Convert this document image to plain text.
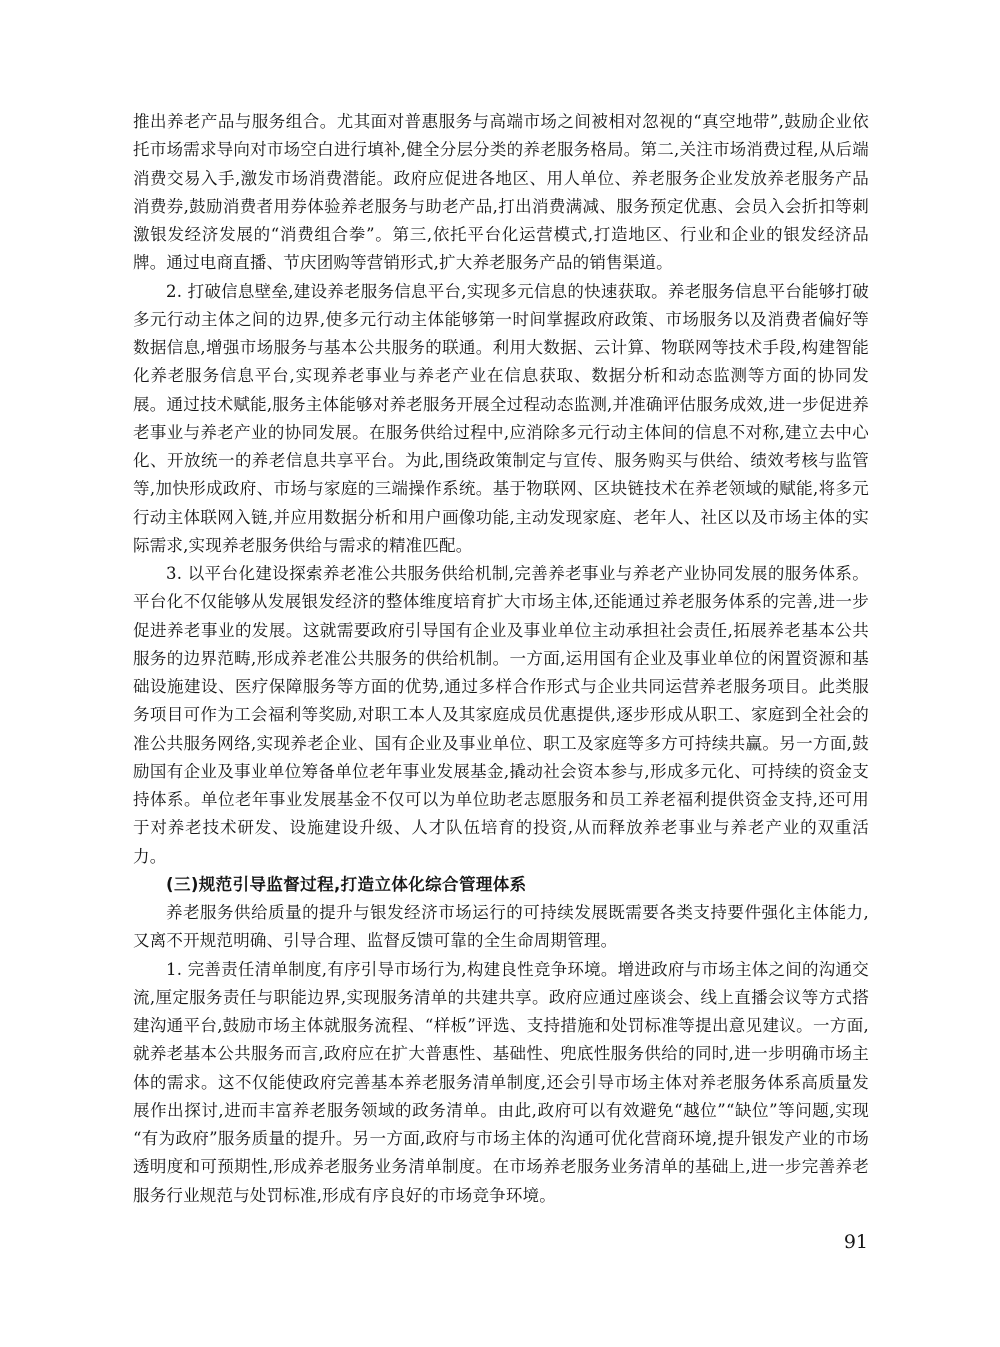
推出养老产品与服务组合。尤其面对普惠服务与高端市场之间被相对忽视的“真空地带”,鼓励企业依托市场需求导向对市场空白进行填补,健全分层分类的养老服务格局。第二,关注市场消费过程,从后端消费交易入手,激发市场消费潜能。政府应促进各地区、用人单位、养老服务企业发放养老服务产品消费券,鼓励消费者用券体验养老服务与助老产品,打出消费满减、服务预定优惠、会员入会折扣等刺激银发经济发展的“消费组合拳”。第三,依托平台化运营模式,打造地区、行业和企业的银发经济品牌。通过电商直播、节庆团购等营销形式,扩大养老服务产品的销售渠道。

2. 打破信息壁垒,建设养老服务信息平台,实现多元信息的快速获取。养老服务信息平台能够打破多元行动主体之间的边界,使多元行动主体能够第一时间掌握政府政策、市场服务以及消费者偏好等数据信息,增强市场服务与基本公共服务的联通。利用大数据、云计算、物联网等技术手段,构建智能化养老服务信息平台,实现养老事业与养老产业在信息获取、数据分析和动态监测等方面的协同发展。通过技术赋能,服务主体能够对养老服务开展全过程动态监测,并准确评估服务成效,进一步促进养老事业与养老产业的协同发展。在服务供给过程中,应消除多元行动主体间的信息不对称,建立去中心化、开放统一的养老信息共享平台。为此,围绕政策制定与宣传、服务购买与供给、绩效考核与监管等,加快形成政府、市场与家庭的三端操作系统。基于物联网、区块链技术在养老领域的赋能,将多元行动主体联网入链,并应用数据分析和用户画像功能,主动发现家庭、老年人、社区以及市场主体的实际需求,实现养老服务供给与需求的精准匹配。

3. 以平台化建设探索养老准公共服务供给机制,完善养老事业与养老产业协同发展的服务体系。平台化不仅能够从发展银发经济的整体维度培育扩大市场主体,还能通过养老服务体系的完善,进一步促进养老事业的发展。这就需要政府引导国有企业及事业单位主动承担社会责任,拓展养老基本公共服务的边界范畴,形成养老准公共服务的供给机制。一方面,运用国有企业及事业单位的闲置资源和基础设施建设、医疗保障服务等方面的优势,通过多样合作形式与企业共同运营养老服务项目。此类服务项目可作为工会福利等奖励,对职工本人及其家庭成员优惠提供,逐步形成从职工、家庭到全社会的准公共服务网络,实现养老企业、国有企业及事业单位、职工及家庭等多方可持续共赢。另一方面,鼓励国有企业及事业单位筹备单位老年事业发展基金,撬动社会资本参与,形成多元化、可持续的资金支持体系。单位老年事业发展基金不仅可以为单位助老志愿服务和员工养老福利提供资金支持,还可用于对养老技术研发、设施建设升级、人才队伍培育的投资,从而释放养老事业与养老产业的双重活力。

(三)规范引导监督过程,打造立体化综合管理体系

养老服务供给质量的提升与银发经济市场运行的可持续发展既需要各类支持要件强化主体能力,又离不开规范明确、引导合理、监督反馈可靠的全生命周期管理。

1. 完善责任清单制度,有序引导市场行为,构建良性竞争环境。增进政府与市场主体之间的沟通交流,厘定服务责任与职能边界,实现服务清单的共建共享。政府应通过座谈会、线上直播会议等方式搭建沟通平台,鼓励市场主体就服务流程、“样板”评选、支持措施和处罚标准等提出意见建议。一方面,就养老基本公共服务而言,政府应在扩大普惠性、基础性、兜底性服务供给的同时,进一步明确市场主体的需求。这不仅能使政府完善基本养老服务清单制度,还会引导市场主体对养老服务体系高质量发展作出探讨,进而丰富养老服务领域的政务清单。由此,政府可以有效避免“越位”“缺位”等问题,实现“有为政府”服务质量的提升。另一方面,政府与市场主体的沟通可优化营商环境,提升银发产业的市场透明度和可预期性,形成养老服务业务清单制度。在市场养老服务业务清单的基础上,进一步完善养老服务行业规范与处罚标准,形成有序良好的市场竞争环境。

91
